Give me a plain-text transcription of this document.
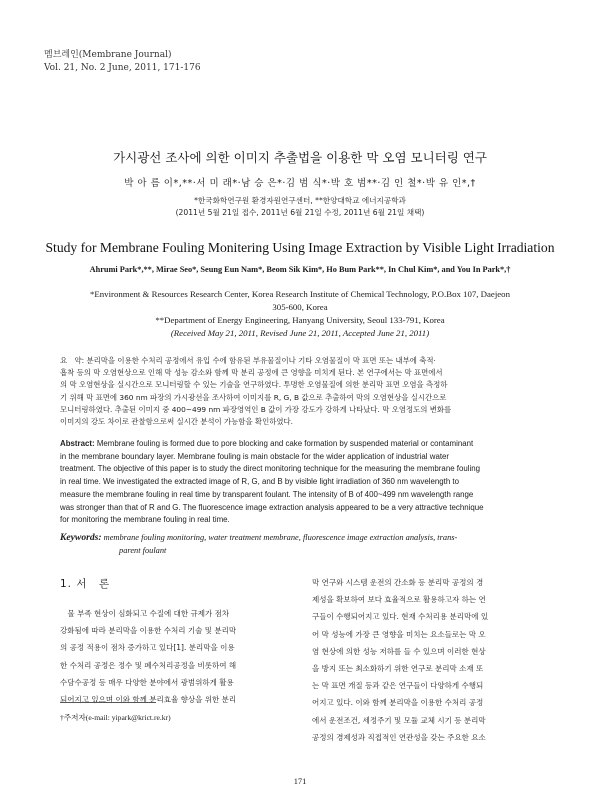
멤브레인(Membrane Journal)
Vol. 21, No. 2 June, 2011, 171-176
가시광선 조사에 의한 이미지 추출법을 이용한 막 오염 모니터링 연구
박 아 름 이*,**·서 미 래*·남 승 은*·김 범 식*·박 호 범**·김 인 철*·박 유 인*,†
*한국화학연구원 환경자원연구센터, **한양대학교 에너지공학과
(2011년 5월 21일 접수, 2011년 6월 21일 수정, 2011년 6월 21일 채택)
Study for Membrane Fouling Monitering Using Image Extraction by Visible Light Irradiation
Ahrumi Park*,**, Mirae Seo*, Seung Eun Nam*, Beom Sik Kim*, Ho Bum Park**, In Chul Kim*, and You In Park*,†
*Environment & Resources Research Center, Korea Research Institute of Chemical Technology, P.O.Box 107, Daejeon
305-600, Korea
**Department of Energy Engineering, Hanyang University, Seoul 133-791, Korea
(Received May 21, 2011, Revised June 21, 2011, Accepted June 21, 2011)
요　약: 분리막을 이용한 수처리 공정에서 유입 수에 함유된 부유물질이나 기타 오염물질이 막 표면 또는 내부에 축적·
흡착 등의 막 오염현상으로 인해 막 성능 감소와 함께 막 분리 공정에 큰 영향을 미치게 된다. 본 연구에서는 막 표면에서
의 막 오염현상을 실시간으로 모니터링할 수 있는 기술을 연구하였다. 투명한 오염물질에 의한 분리막 표면 오염을 측정하
기 위해 막 표면에 360 nm 파장의 가시광선을 조사하여 이미지를 R, G, B 값으로 추출하여 막의 오염현상을 실시간으로
모니터링하였다. 추출된 이미지 중 400~499 nm 파장영역인 B 값이 가장 강도가 강하게 나타났다. 막 오염정도의 변화를
이미지의 강도 차이로 관찰함으로써 실시간 분석이 가능함을 확인하였다.
Abstract: Membrane fouling is formed due to pore blocking and cake formation by suspended material or contaminant
in the membrane boundary layer. Membrane fouling is main obstacle for the wider application of industrial water
treatment. The objective of this paper is to study the direct monitoring technique for the measuring the membrane fouling
in real time. We investigated the extracted image of R, G, and B by visible light irradiation of 360 nm wavelength to
measure the membrane fouling in real time by transparent foulant. The intensity of B of 400~499 nm wavelength range
was stronger than that of R and G. The fluorescence image extraction analysis appeared to be a very attractive technique
for monitoring the membrane fouling in real time.
Keywords: membrane fouling monitoring, water treatment membrane, fluorescence image extraction analysis, trans-
parent foulant
1. 서　론
　물 부족 현상이 심화되고 수질에 대한 규제가 점차
강화됨에 따라 분리막을 이용한 수처리 기술 및 분리막
의 공정 적용이 점차 증가하고 있다[1]. 분리막을 이용
한 수처리 공정은 정수 및 폐수처리공정을 비롯하여 해
수담수공정 등 매우 다양한 분야에서 광범위하게 활용
되어지고 있으며 이와 함께 분리효율 향상을 위한 분리
막 연구와 시스템 운전의 간소화 등 분리막 공정의 경
제성을 확보하여 보다 효율적으로 활용하고자 하는 연
구들이 수행되어지고 있다. 현재 수처리용 분리막에 있
어 막 성능에 가장 큰 영향을 미치는 요소들로는 막 오
염 현상에 의한 성능 저하를 들 수 있으며 이러한 현상
을 방지 또는 최소화하기 위한 연구로 분리막 소재 또
는 막 표면 개질 등과 같은 연구들이 다양하게 수행되
어지고 있다. 이와 함께 분리막을 이용한 수처리 공정
에서 운전조건, 세정주기 및 모듈 교체 시기 등 분리막
공정의 경제성과 직접적인 연관성을 갖는 주요한 요소
†주저자(e-mail: yipark@krict.re.kr)
171
